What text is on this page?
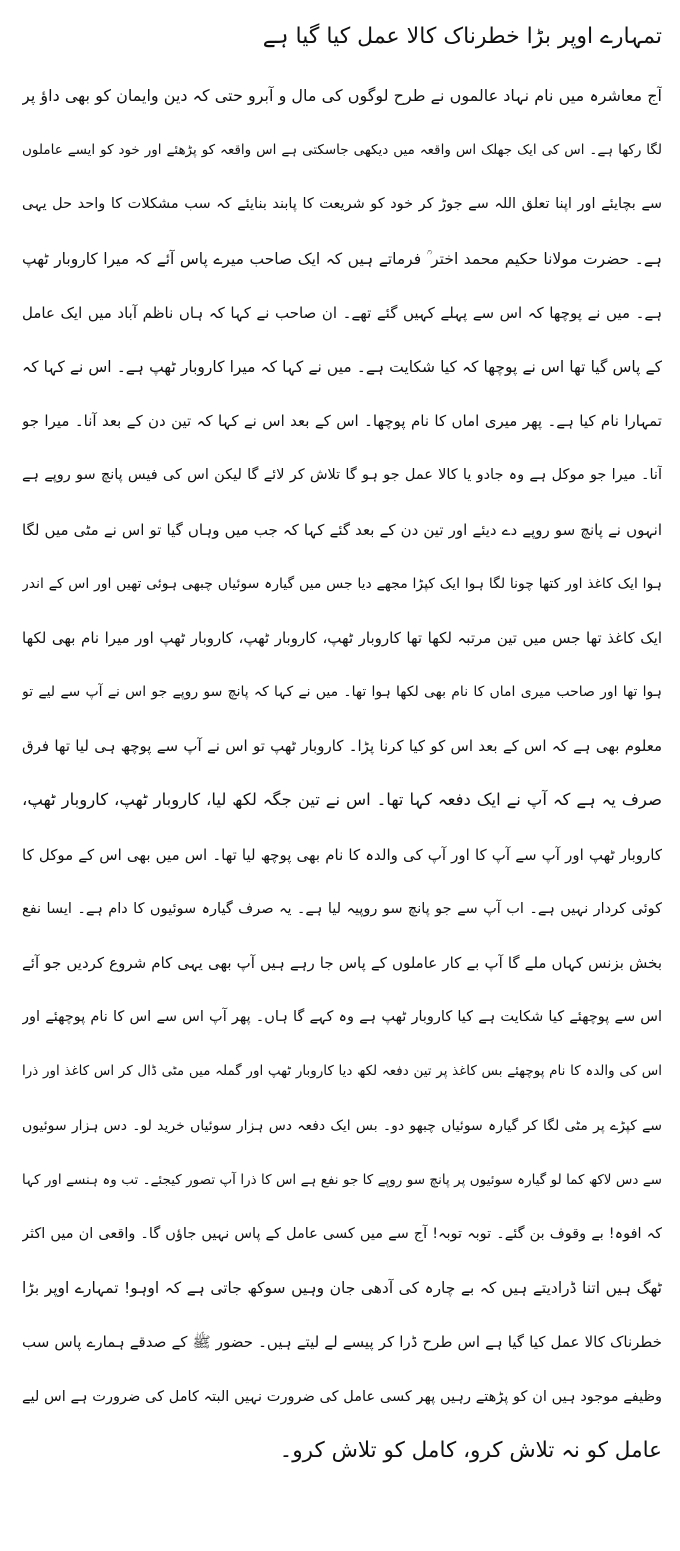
تمہارے اوپر بڑا خطرناک کالا عمل کیا گیا ہے
آج معاشرہ میں نام نہاد عالموں نے طرح لوگوں کی مال و آبرو حتی کہ دین وایمان کو بھی داؤ پر
لگا رکھا ہے۔ اس کی ایک جھلک اس واقعہ میں دیکھی جاسکتی ہے اس واقعہ کو پڑھئے اور خود کو ایسے عاملوں
سے بچایئے اور اپنا تعلق اللہ سے جوڑ کر خود کو شریعت کا پابند بنایئے کہ سب مشکلات کا واحد حل یہی
ہے۔ حضرت مولانا حکیم محمد اختر ؒ فرماتے ہیں کہ ایک صاحب میرے پاس آئے کہ میرا کاروبار ٹھپ
ہے۔ میں نے پوچھا کہ اس سے پہلے کہیں گئے تھے۔ ان صاحب نے کہا کہ ہاں ناظم آباد میں ایک عامل
کے پاس گیا تھا اس نے پوچھا کہ کیا شکایت ہے۔ میں نے کہا کہ میرا کاروبار ٹھپ ہے۔ اس نے کہا کہ
تمہارا نام کیا ہے۔ پھر میری اماں کا نام پوچھا۔ اس کے بعد اس نے کہا کہ تین دن کے بعد آنا۔ میرا جو
آنا۔ میرا جو موکل ہے وہ جادو یا کالا عمل جو ہو گا تلاش کر لائے گا لیکن اس کی فیس پانچ سو روپے ہے
انہوں نے پانچ سو روپے دے دیئے اور تین دن کے بعد گئے کہا کہ جب میں وہاں گیا تو اس نے مٹی میں لگا
ہوا ایک کاغذ اور کتھا چونا لگا ہوا ایک کپڑا مجھے دیا جس میں گیارہ سوئیاں چبھی ہوئی تھیں اور اس کے اندر
ایک کاغذ تھا جس میں تین مرتبہ لکھا تھا کاروبار ٹھپ، کاروبار ٹھپ، کاروبار ٹھپ اور میرا نام بھی لکھا
ہوا تھا اور صاحب میری اماں کا نام بھی لکھا ہوا تھا۔ میں نے کہا کہ پانچ سو روپے جو اس نے آپ سے لیے تو
معلوم بھی ہے کہ اس کے بعد اس کو کیا کرنا پڑا۔ کاروبار ٹھپ تو اس نے آپ سے پوچھ ہی لیا تھا فرق
صرف یہ ہے کہ آپ نے ایک دفعہ کہا تھا۔ اس نے تین جگہ لکھ لیا، کاروبار ٹھپ، کاروبار ٹھپ،
کاروبار ٹھپ اور آپ سے آپ کا اور آپ کی والدہ کا نام بھی پوچھ لیا تھا۔ اس میں بھی اس کے موکل کا
کوئی کردار نہیں ہے۔ اب آپ سے جو پانچ سو روپیہ لیا ہے۔ یہ صرف گیارہ سوئیوں کا دام ہے۔ ایسا نفع
بخش بزنس کہاں ملے گا آپ بے کار عاملوں کے پاس جا رہے ہیں آپ بھی یہی کام شروع کردیں جو آئے
اس سے پوچھئے کیا شکایت ہے کیا کاروبار ٹھپ ہے وہ کہے گا ہاں۔ پھر آپ اس سے اس کا نام پوچھئے اور
اس کی والدہ کا نام پوچھئے بس کاغذ پر تین دفعہ لکھ دیا کاروبار ٹھپ اور گملہ میں مٹی ڈال کر اس کاغذ اور ذرا
سے کپڑے پر مٹی لگا کر گیارہ سوئیاں چبھو دو۔ بس ایک دفعہ دس ہزار سوئیاں خرید لو۔ دس ہزار سوئیوں
سے دس لاکھ کما لو گیارہ سوئیوں پر پانچ سو روپے کا جو نفع ہے اس کا ذرا آپ تصور کیجئے۔ تب وہ ہنسے اور کہا
کہ افوہ! بے وقوف بن گئے۔ توبہ توبہ! آج سے میں کسی عامل کے پاس نہیں جاؤں گا۔ واقعی ان میں اکثر
ٹھگ ہیں اتنا ڈرادیتے ہیں کہ بے چارہ کی آدھی جان وہیں سوکھ جاتی ہے کہ اوہو! تمہارے اوپر بڑا
خطرناک کالا عمل کیا گیا ہے اس طرح ڈرا کر پیسے لے لیتے ہیں۔ حضور ﷺ کے صدقے ہمارے پاس سب
وظیفے موجود ہیں ان کو پڑھتے رہیں پھر کسی عامل کی ضرورت نہیں البتہ کامل کی ضرورت ہے اس لیے
عامل کو نہ تلاش کرو، کامل کو تلاش کرو۔
